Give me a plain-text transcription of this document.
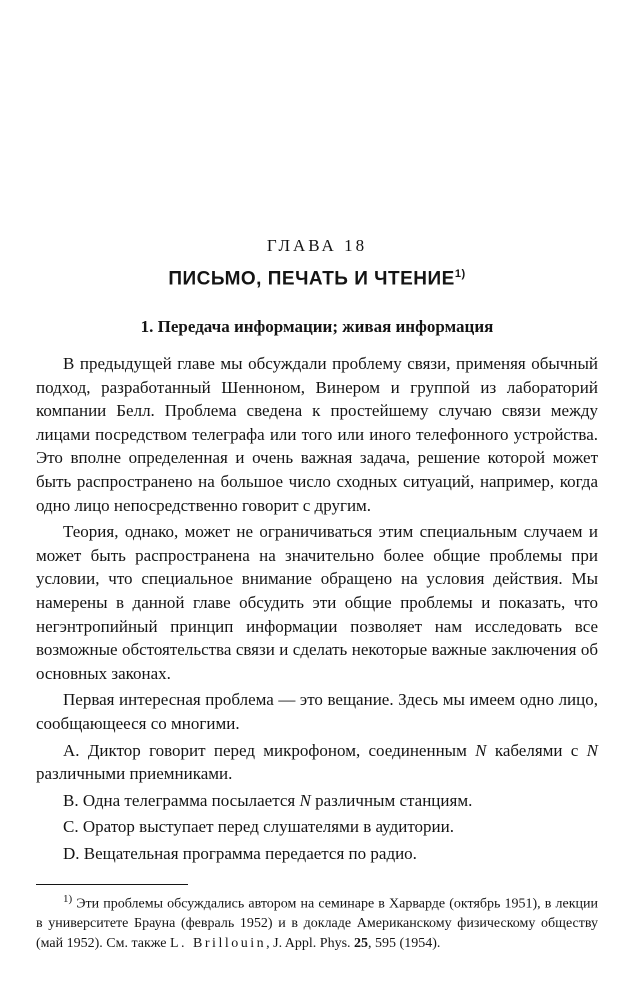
ГЛАВА 18
ПИСЬМО, ПЕЧАТЬ И ЧТЕНИЕ$^{1)}$
1. Передача информации; живая информация

В предыдущей главе мы обсуждали проблему связи, применяя обычный подход, разработанный Шенноном, Винером и группой из лабораторий компании Белл. Проблема сведена к простейшему случаю связи между лицами посредством телеграфа или того или иного телефонного устройства. Это вполне определенная и очень важная задача, решение которой может быть распространено на большое число сходных ситуаций, например, когда одно лицо непосредственно говорит с другим.

Теория, однако, может не ограничиваться этим специальным случаем и может быть распространена на значительно более общие проблемы при условии, что специальное внимание обращено на условия действия. Мы намерены в данной главе обсудить эти общие проблемы и показать, что негэнтропийный принцип информации позволяет нам исследовать все возможные обстоятельства связи и сделать некоторые важные заключения об основных законах.

Первая интересная проблема — это вещание. Здесь мы имеем одно лицо, сообщающееся со многими.

А. Диктор говорит перед микрофоном, соединенным N кабелями с N различными приемниками.

В. Одна телеграмма посылается N различным станциям.

С. Оратор выступает перед слушателями в аудитории.

D. Вещательная программа передается по радио.

$^{1)}$ Эти проблемы обсуждались автором на семинаре в Харварде (октябрь 1951), в лекции в университете Брауна (февраль 1952) и в докладе Американскому физическому обществу (май 1952). См. также L. Brillouin, J. Appl. Phys. 25, 595 (1954).
